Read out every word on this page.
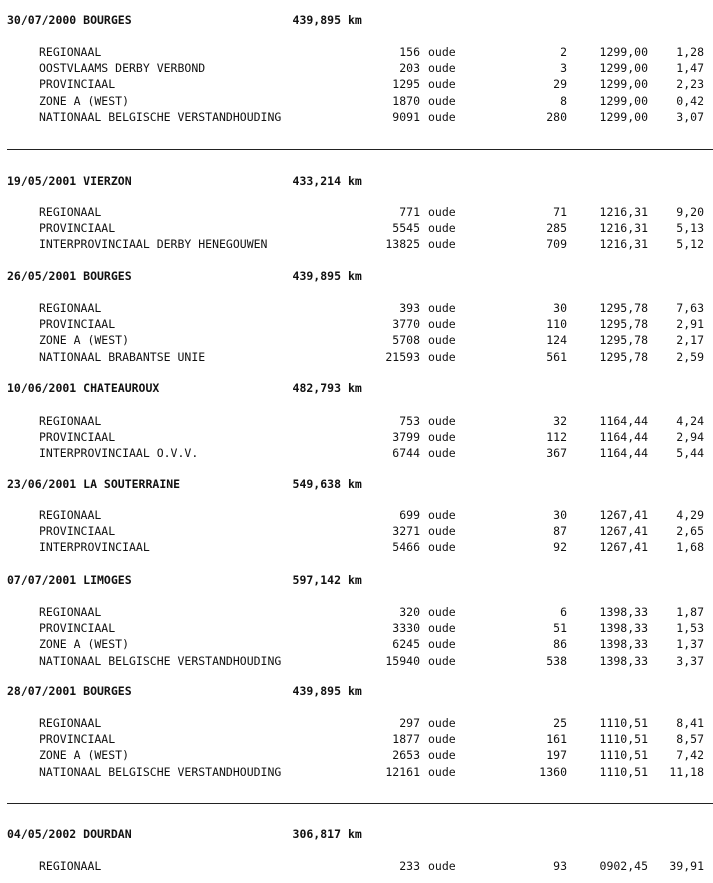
30/07/2000 BOURGES	439,895 km
REGIONAAL	156 oude	2	1299,00	1,28
OOSTVLAAMS DERBY VERBOND	203 oude	3	1299,00	1,47
PROVINCIAAL	1295 oude	29	1299,00	2,23
ZONE A (WEST)	1870 oude	8	1299,00	0,42
NATIONAAL BELGISCHE VERSTANDHOUDING	9091 oude	280	1299,00	3,07
19/05/2001 VIERZON	433,214 km
REGIONAAL	771 oude	71	1216,31	9,20
PROVINCIAAL	5545 oude	285	1216,31	5,13
INTERPROVINCIAAL DERBY HENEGOUWEN	13825 oude	709	1216,31	5,12
26/05/2001 BOURGES	439,895 km
REGIONAAL	393 oude	30	1295,78	7,63
PROVINCIAAL	3770 oude	110	1295,78	2,91
ZONE A (WEST)	5708 oude	124	1295,78	2,17
NATIONAAL BRABANTSE UNIE	21593 oude	561	1295,78	2,59
10/06/2001 CHATEAUROUX	482,793 km
REGIONAAL	753 oude	32	1164,44	4,24
PROVINCIAAL	3799 oude	112	1164,44	2,94
INTERPROVINCIAAL O.V.V.	6744 oude	367	1164,44	5,44
23/06/2001 LA SOUTERRAINE	549,638 km
REGIONAAL	699 oude	30	1267,41	4,29
PROVINCIAAL	3271 oude	87	1267,41	2,65
INTERPROVINCIAAL	5466 oude	92	1267,41	1,68
07/07/2001 LIMOGES	597,142 km
REGIONAAL	320 oude	6	1398,33	1,87
PROVINCIAAL	3330 oude	51	1398,33	1,53
ZONE A (WEST)	6245 oude	86	1398,33	1,37
NATIONAAL BELGISCHE VERSTANDHOUDING	15940 oude	538	1398,33	3,37
28/07/2001 BOURGES	439,895 km
REGIONAAL	297 oude	25	1110,51	8,41
PROVINCIAAL	1877 oude	161	1110,51	8,57
ZONE A (WEST)	2653 oude	197	1110,51	7,42
NATIONAAL BELGISCHE VERSTANDHOUDING	12161 oude	1360	1110,51	11,18
04/05/2002 DOURDAN	306,817 km
REGIONAAL	233 oude	93	0902,45	39,91
